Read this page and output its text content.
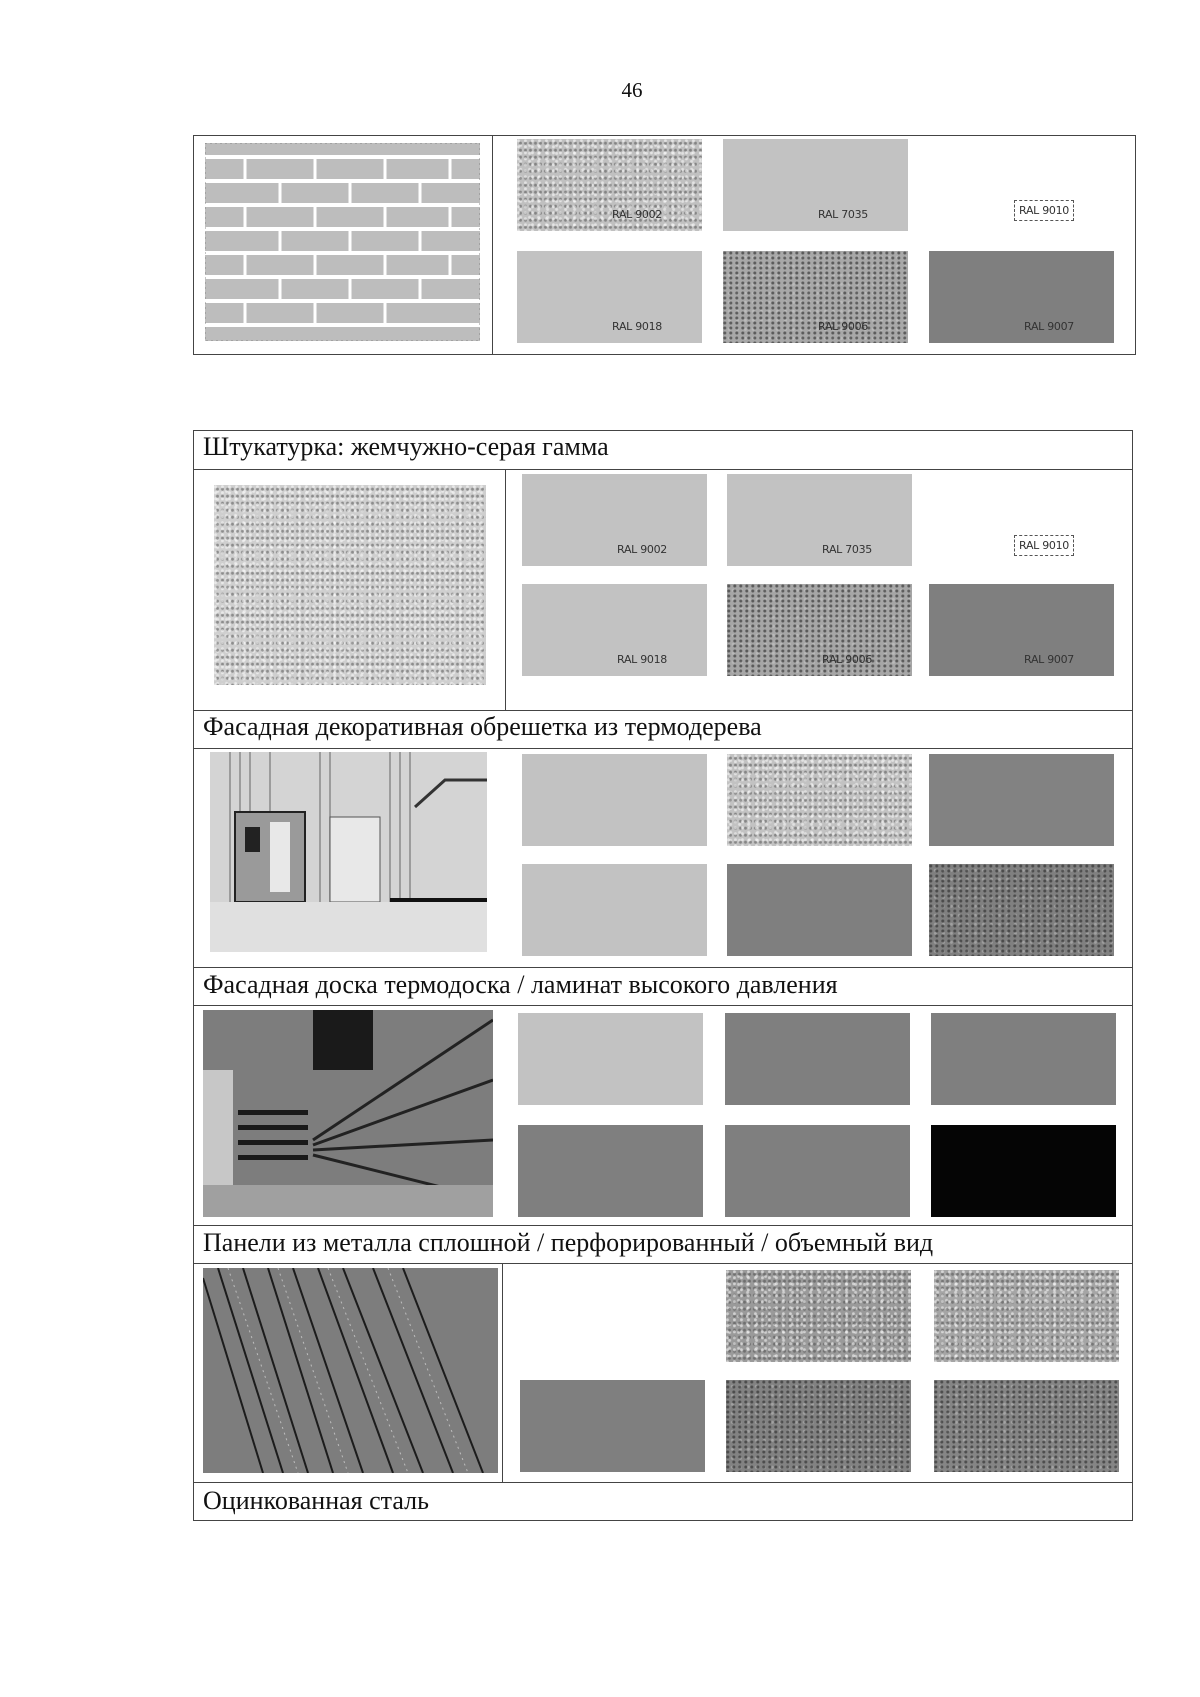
46
RAL 9002	RAL 7035	RAL 9010
RAL 9018	RAL 9006	RAL 9007
Штукатурка: жемчужно-серая гамма
Фасадная декоративная обрешетка из термодерева
Фасадная доска термодоска / ламинат высокого давления
Панели из металла сплошной / перфорированный / объемный вид
Оцинкованная сталь
RAL 9002	RAL 7035	RAL 9010
RAL 9018	RAL 9006	RAL 9007
